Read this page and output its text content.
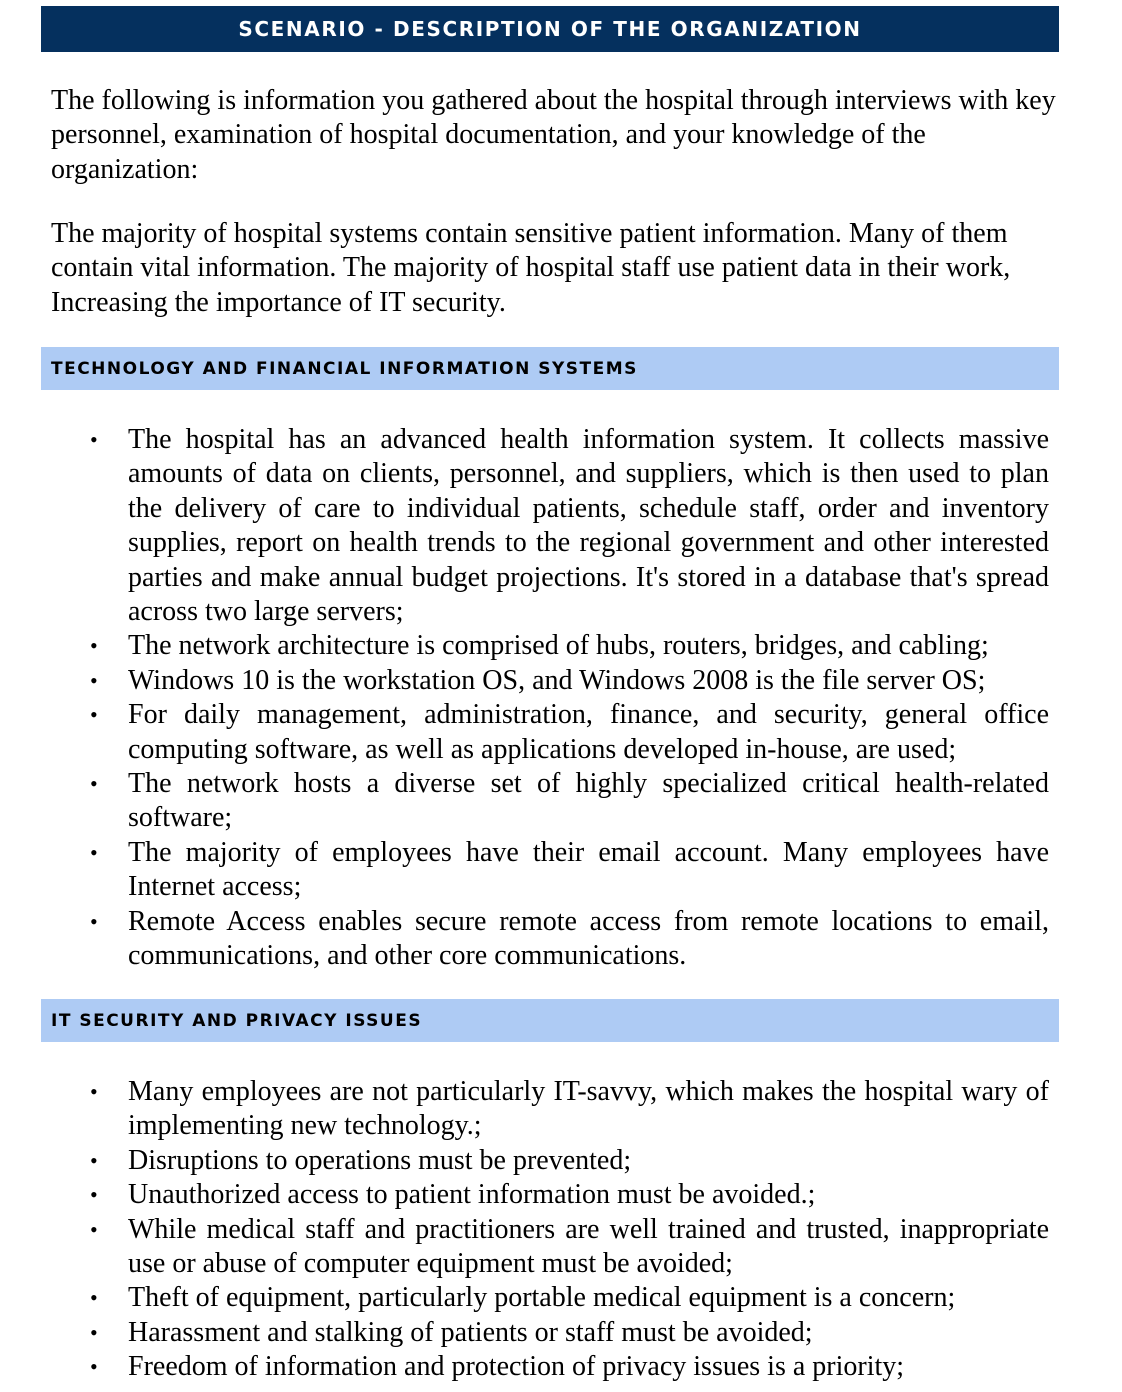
SCENARIO - DESCRIPTION OF THE ORGANIZATION

The following is information you gathered about the hospital through interviews with key personnel, examination of hospital documentation, and your knowledge of the organization:

The majority of hospital systems contain sensitive patient information. Many of them contain vital information. The majority of hospital staff use patient data in their work, Increasing the importance of IT security.

TECHNOLOGY AND FINANCIAL INFORMATION SYSTEMS
• The hospital has an advanced health information system. It collects massive amounts of data on clients, personnel, and suppliers, which is then used to plan the delivery of care to individual patients, schedule staff, order and inventory supplies, report on health trends to the regional government and other interested parties and make annual budget projections. It's stored in a database that's spread across two large servers;
• The network architecture is comprised of hubs, routers, bridges, and cabling;
• Windows 10 is the workstation OS, and Windows 2008 is the file server OS;
• For daily management, administration, finance, and security, general office computing software, as well as applications developed in-house, are used;
• The network hosts a diverse set of highly specialized critical health-related software;
• The majority of employees have their email account. Many employees have Internet access;
• Remote Access enables secure remote access from remote locations to email, communications, and other core communications.
IT SECURITY AND PRIVACY ISSUES
• Many employees are not particularly IT-savvy, which makes the hospital wary of implementing new technology.;
• Disruptions to operations must be prevented;
• Unauthorized access to patient information must be avoided.;
• While medical staff and practitioners are well trained and trusted, inappropriate use or abuse of computer equipment must be avoided;
• Theft of equipment, particularly portable medical equipment is a concern;
• Harassment and stalking of patients or staff must be avoided;
• Freedom of information and protection of privacy issues is a priority;
